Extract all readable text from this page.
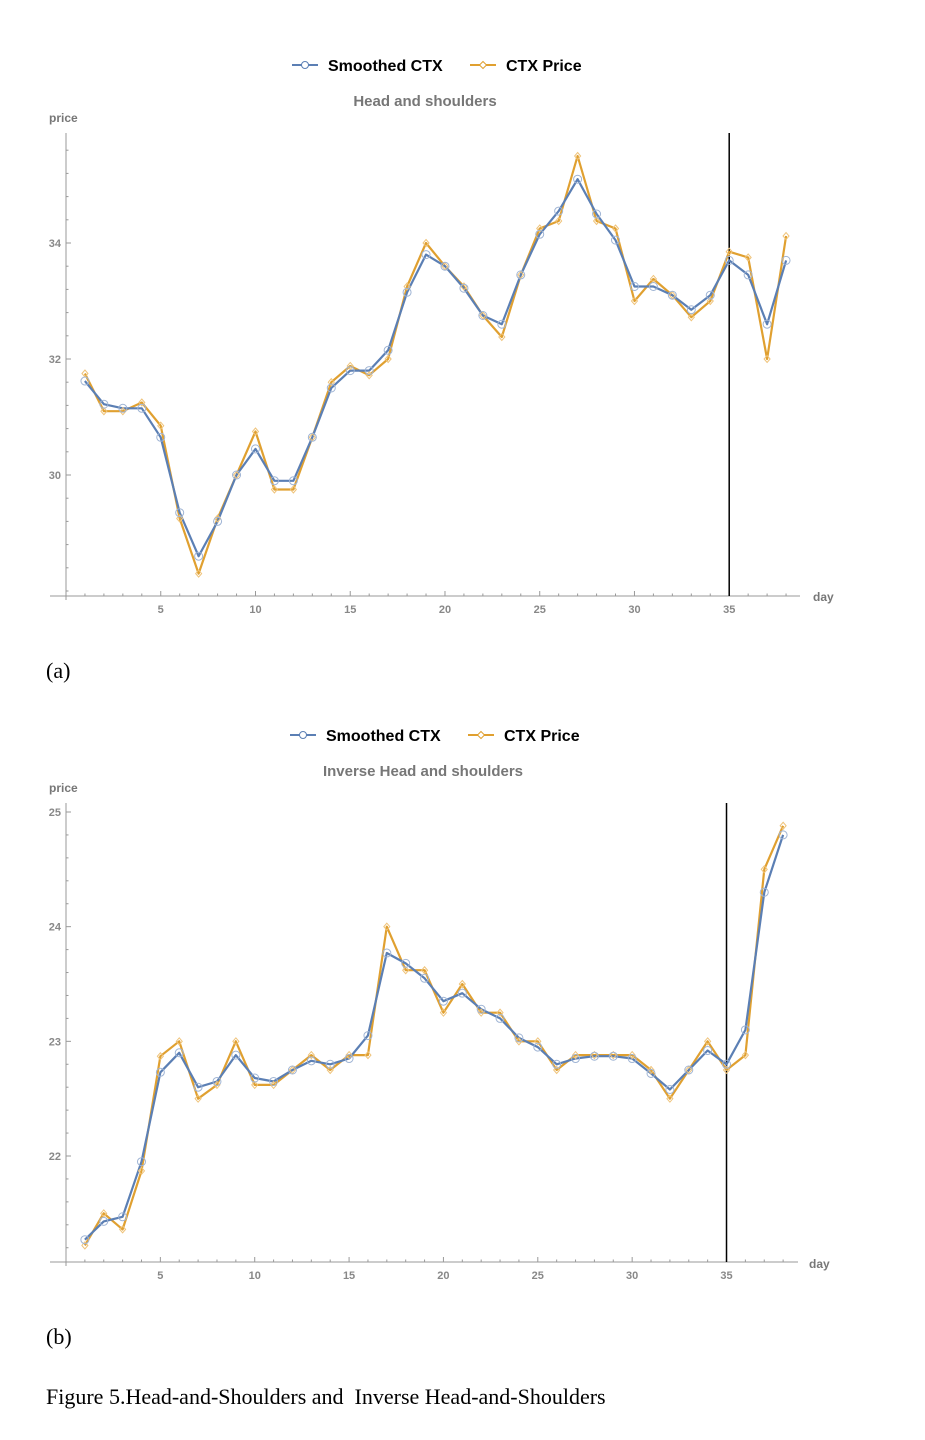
Smoothed CTX	CTX Price
Head and shoulders
price
day
5	10	15	20	25	30	35
30
32
34
Smoothed CTX	CTX Price
Inverse Head and shoulders
price
day
5	10	15	20	25	30	35
22
23
24
25
(a)
(b)
Figure 5.Head-and-Shoulders and  Inverse Head-and-Shoulders
